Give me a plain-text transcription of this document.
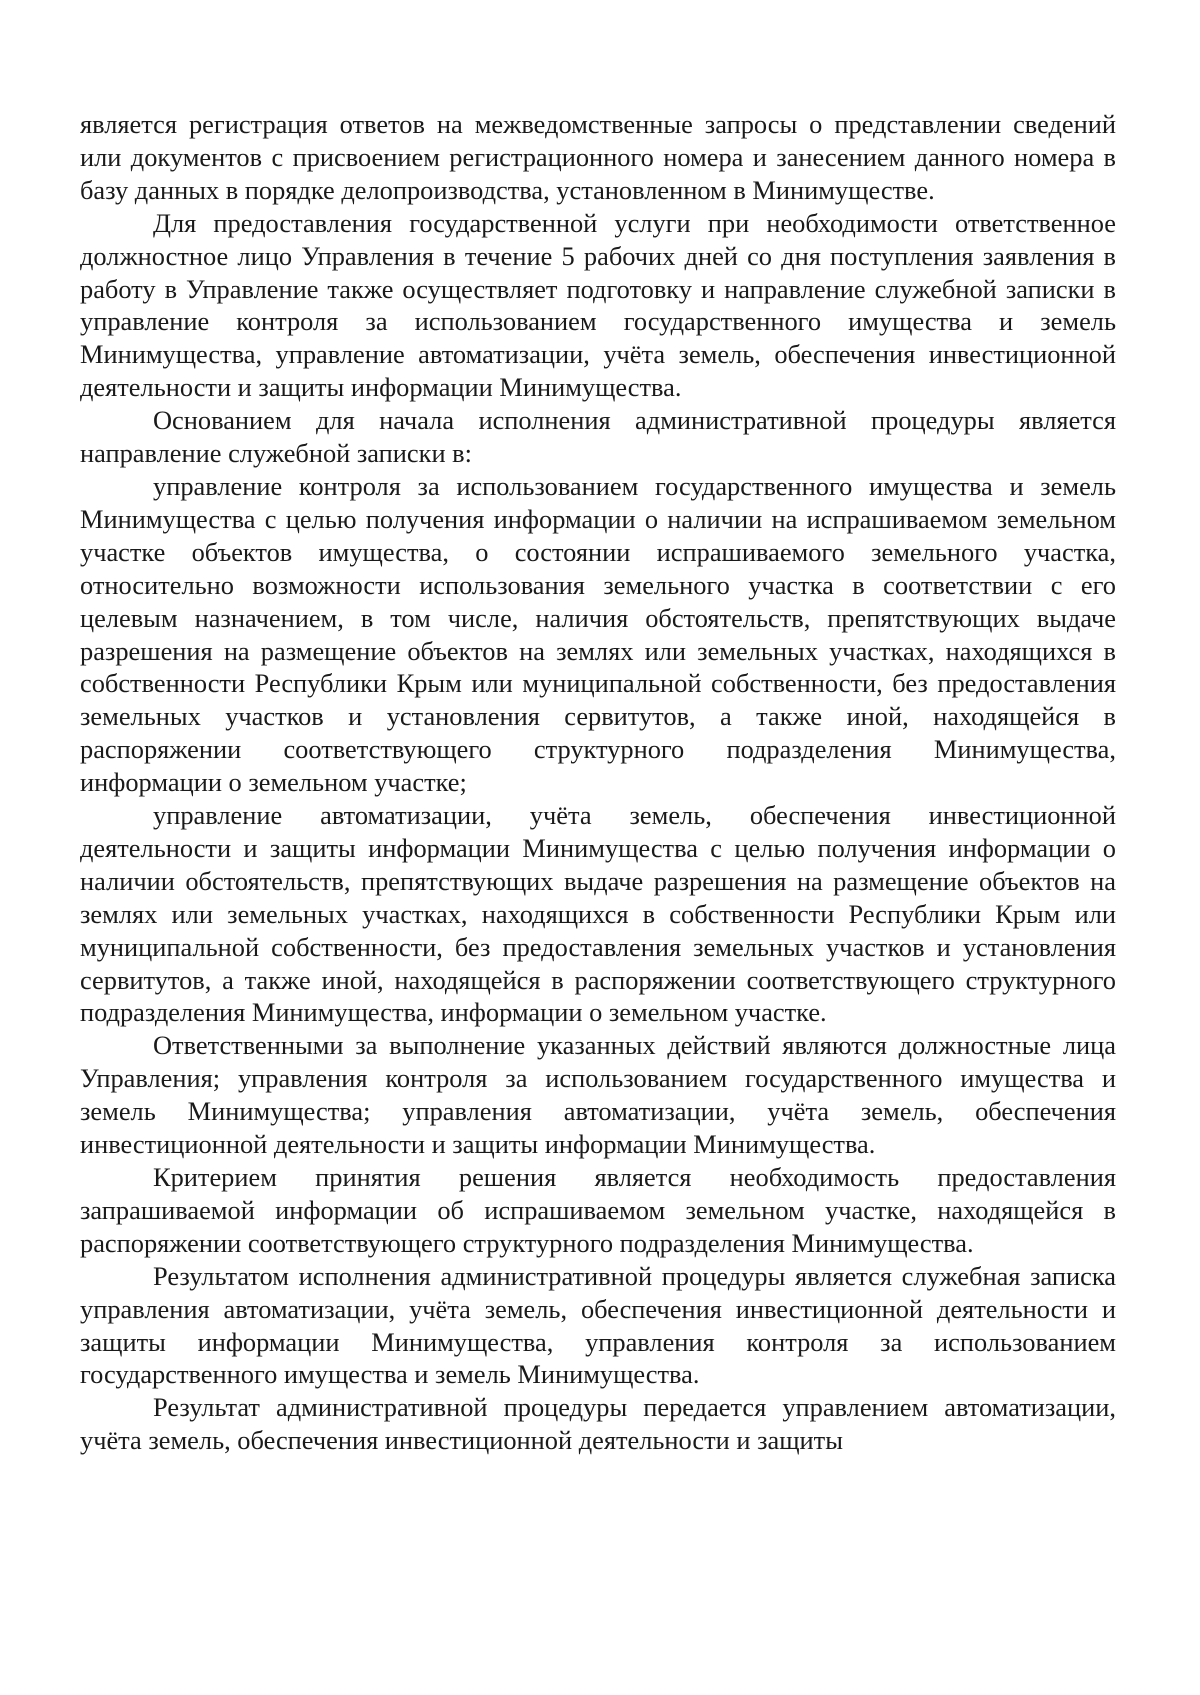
является регистрация ответов на межведомственные запросы о представлении сведений или документов с присвоением регистрационного номера и занесением данного номера в базу данных в порядке делопроизводства, установленном в Минимуществе.

Для предоставления государственной услуги при необходимости ответственное должностное лицо Управления в течение 5 рабочих дней со дня поступления заявления в работу в Управление также осуществляет подготовку и направление служебной записки в управление контроля за использованием государственного имущества и земель Минимущества, управление автоматизации, учёта земель, обеспечения инвестиционной деятельности и защиты информации Минимущества.

Основанием для начала исполнения административной процедуры является направление служебной записки в:

управление контроля за использованием государственного имущества и земель Минимущества с целью получения информации о наличии на испрашиваемом земельном участке объектов имущества, о состоянии испрашиваемого земельного участка, относительно возможности использования земельного участка в соответствии с его целевым назначением, в том числе, наличия обстоятельств, препятствующих выдаче разрешения на размещение объектов на землях или земельных участках, находящихся в собственности Республики Крым или муниципальной собственности, без предоставления земельных участков и установления сервитутов, а также иной, находящейся в распоряжении соответствующего структурного подразделения Минимущества, информации о земельном участке;

управление автоматизации, учёта земель, обеспечения инвестиционной деятельности и защиты информации Минимущества с целью получения информации о наличии обстоятельств, препятствующих выдаче разрешения на размещение объектов на землях или земельных участках, находящихся в собственности Республики Крым или муниципальной собственности, без предоставления земельных участков и установления сервитутов, а также иной, находящейся в распоряжении соответствующего структурного подразделения Минимущества, информации о земельном участке.

Ответственными за выполнение указанных действий являются должностные лица Управления; управления контроля за использованием государственного имущества и земель Минимущества; управления автоматизации, учёта земель, обеспечения инвестиционной деятельности и защиты информации Минимущества.

Критерием принятия решения является необходимость предоставления запрашиваемой информации об испрашиваемом земельном участке, находящейся в распоряжении соответствующего структурного подразделения Минимущества.

Результатом исполнения административной процедуры является служебная записка управления автоматизации, учёта земель, обеспечения инвестиционной деятельности и защиты информации Минимущества, управления контроля за использованием государственного имущества и земель Минимущества.

Результат административной процедуры передается управлением автоматизации, учёта земель, обеспечения инвестиционной деятельности и защиты
